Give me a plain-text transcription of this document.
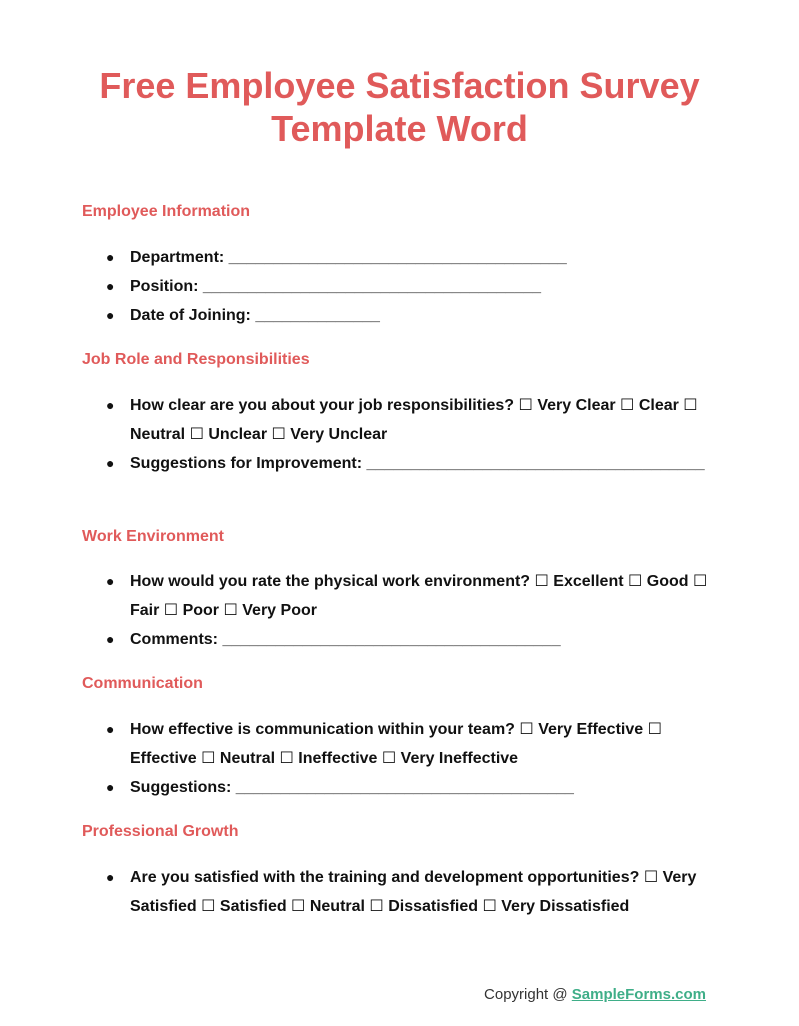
Free Employee Satisfaction Survey Template Word
Employee Information
● Department: ______________________________________
● Position: ______________________________________
● Date of Joining: ______________
Job Role and Responsibilities
● How clear are you about your job responsibilities? ☐ Very Clear ☐ Clear ☐ Neutral ☐ Unclear ☐ Very Unclear
● Suggestions for Improvement: ______________________________________
Work Environment
● How would you rate the physical work environment? ☐ Excellent ☐ Good ☐ Fair ☐ Poor ☐ Very Poor
● Comments: ______________________________________
Communication
● How effective is communication within your team? ☐ Very Effective ☐ Effective ☐ Neutral ☐ Ineffective ☐ Very Ineffective
● Suggestions: ______________________________________
Professional Growth
● Are you satisfied with the training and development opportunities? ☐ Very Satisfied ☐ Satisfied ☐ Neutral ☐ Dissatisfied ☐ Very Dissatisfied
Copyright @ SampleForms.com
